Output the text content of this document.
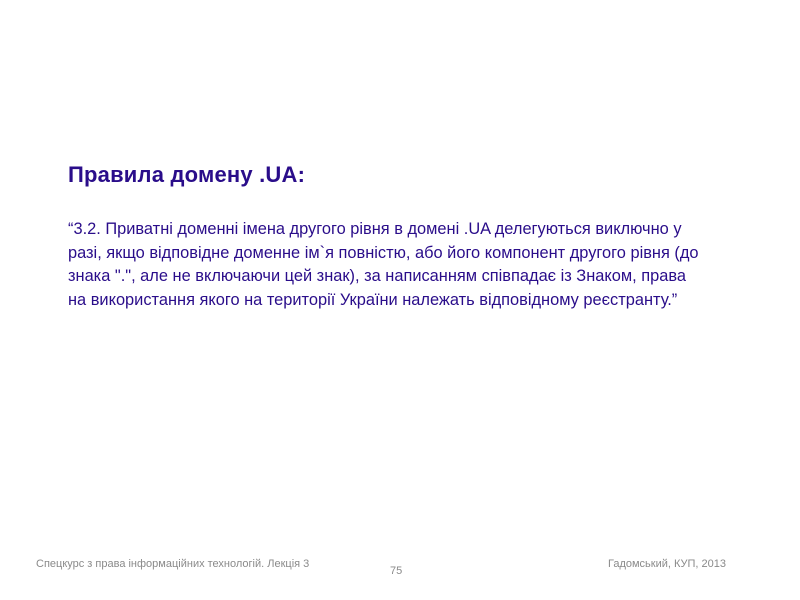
Правила домену .UA:

“3.2. Приватні доменні імена другого рівня в домені .UA делегуються виключно у разі, якщо відповідне доменне ім`я повністю, або його компонент другого рівня (до знака ".", але не включаючи цей знак), за написанням співпадає із Знаком, права на використання якого на території України належать відповідному реєстранту.”

Спецкурс з права інформаційних технологій. Лекція 3	Гадомський, КУП, 2013
75
